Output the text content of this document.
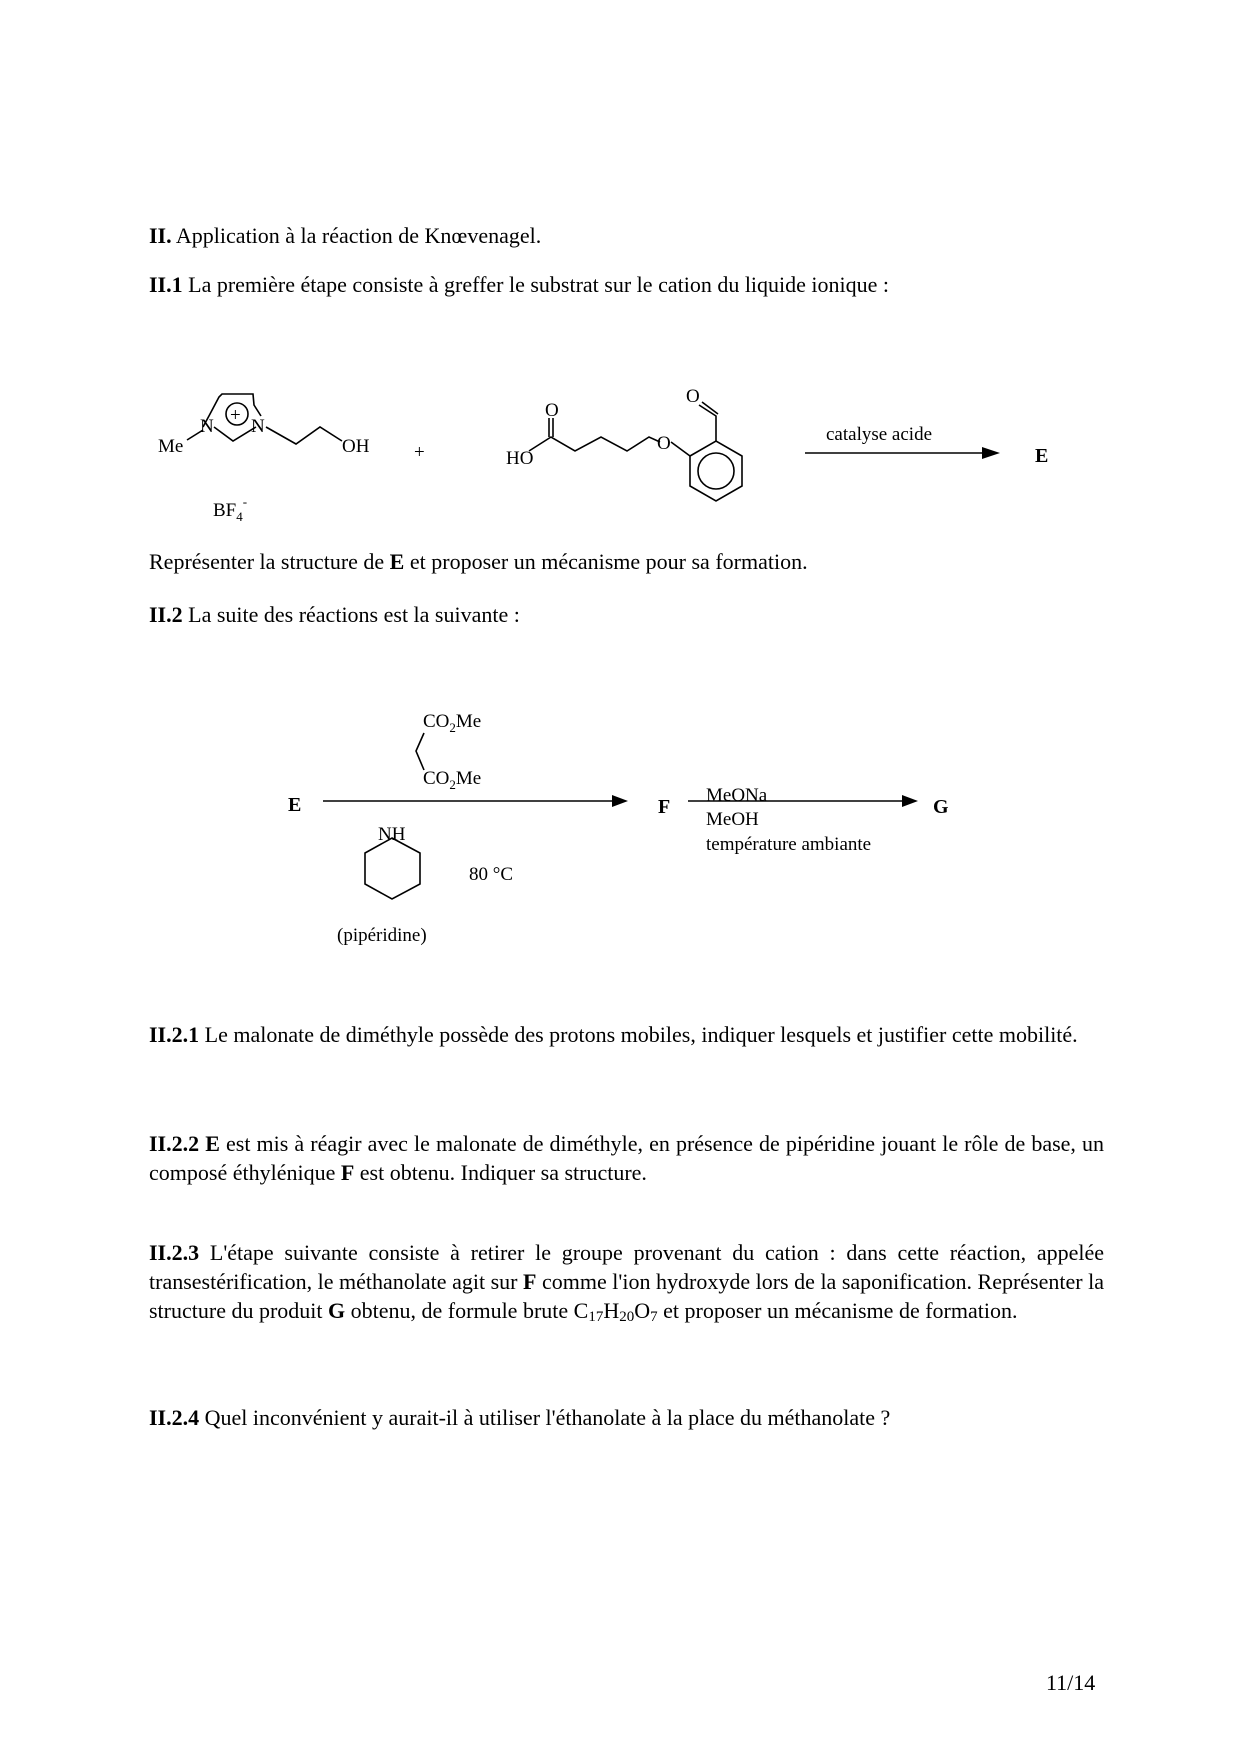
II. Application à la réaction de Knœvenagel.

II.1 La première étape consiste à greffer le substrat sur le cation du liquide ionique :

Me
N N
+
OH
$BF_4^-$
+
O
HO
O
O
catalyse acide
E
E
$CO_2Me$
$CO_2Me$
NH
80 °C
(pipéridine)
F
MeONa
MeOH
température ambiante
G

Représenter la structure de E et proposer un mécanisme pour sa formation.

II.2 La suite des réactions est la suivante :

II.2.1 Le malonate de diméthyle possède des protons mobiles, indiquer lesquels et justifier cette mobilité.

II.2.2 E est mis à réagir avec le malonate de diméthyle, en présence de pipéridine jouant le rôle de base, un composé éthylénique F est obtenu. Indiquer sa structure.

II.2.3 L'étape suivante consiste à retirer le groupe provenant du cation : dans cette réaction, appelée transestérification, le méthanolate agit sur F comme l'ion hydroxyde lors de la saponification. Représenter la structure du produit G obtenu, de formule brute $C_{17}H_{20}O_7$ et proposer un mécanisme de formation.

II.2.4 Quel inconvénient y aurait-il à utiliser l'éthanolate à la place du méthanolate ?

11/14
